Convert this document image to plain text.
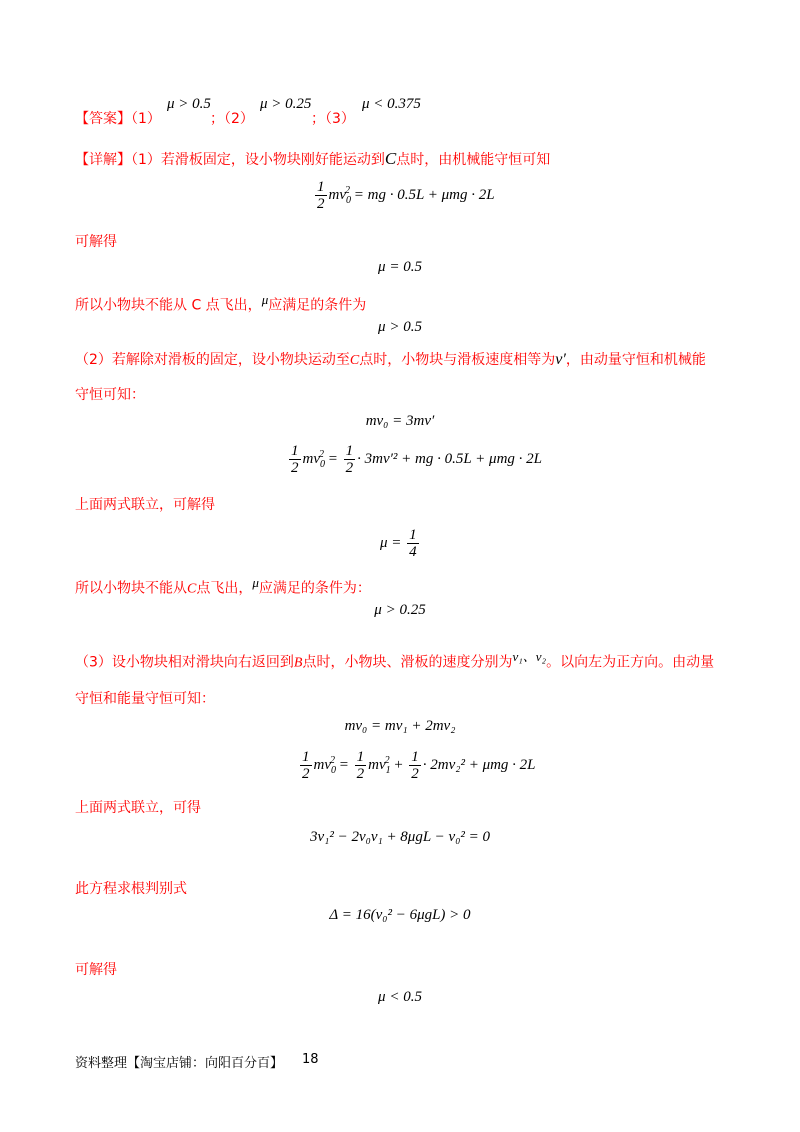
【答案】（1）
μ > 0.5
；（2）
μ > 0.25
；（3）
μ < 0.375
【详解】（1）若滑板固定，设小物块刚好能运动到C点时，由机械能守恒可知
$\frac{1}{2} mv_0^2$ = mg · 0.5L + μmg · 2L
可解得
μ = 0.5
所以小物块不能从 C 点飞出，μ应满足的条件为
μ > 0.5
（2）若解除对滑板的固定，设小物块运动至C点时，小物块与滑板速度相等为v′，由动量守恒和机械能
守恒可知：
mv₀ = 3mv′
$\frac{1}{2} mv_0^2 = \frac{1}{2} \cdot 3mv'^2$ + mg · 0.5L + μmg · 2L
上面两式联立，可解得
$\mu = \frac{1}{4}$
所以小物块不能从C点飞出，μ应满足的条件为：
μ > 0.25
（3）设小物块相对滑块向右返回到B点时，小物块、滑板的速度分别为v₁、v₂。以向左为正方向。由动量
守恒和能量守恒可知：
mv₀ = mv₁ + 2mv₂
$\frac{1}{2} mv_0^2 = \frac{1}{2} mv_1^2 + \frac{1}{2} \cdot 2mv_2^2 + \mu mg \cdot 2L$
上面两式联立，可得
3v₁² − 2v₀v₁ + 8μgL − v₀² = 0
此方程求根判别式
Δ = 16(v₀² − 6μgL) > 0
可解得
μ < 0.5
资料整理【淘宝店铺：向阳百分百】 18
